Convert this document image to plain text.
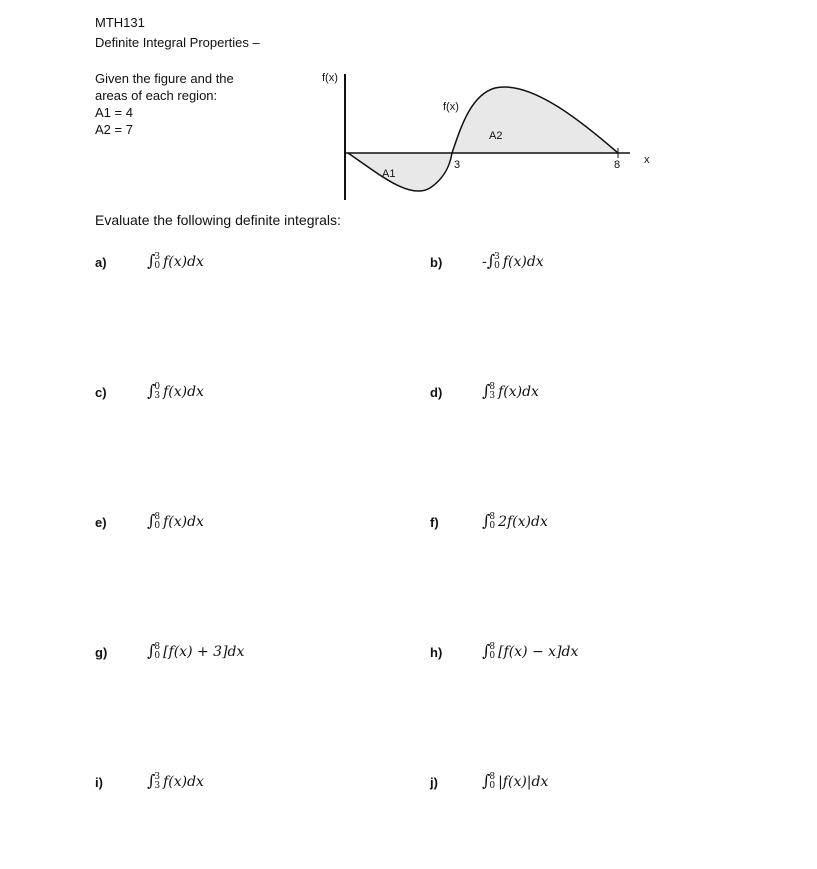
MTH131
Definite Integral Properties –
Given the figure and the
areas of each region:
A1 = 4
A2 = 7
f(x)
f(x)
A1
A2
3	8 x
Evaluate the following definite integrals:
a)	∫ 3
0 f(x)dx	b)	-∫ 3
0 f(x)dx
c)	∫ 0
3 f(x)dx	d) ∫ 8
3 f(x)dx
e)	∫ 8
0 f(x)dx	f)	∫ 8
0 2f(x)dx
g) ∫ 8
0 [f(x) + 3]dx	h) ∫ 8
0 [f(x) − x]dx
i)	∫ 3
3 f(x)dx	j)	∫ 8
0 |f(x)|dx
